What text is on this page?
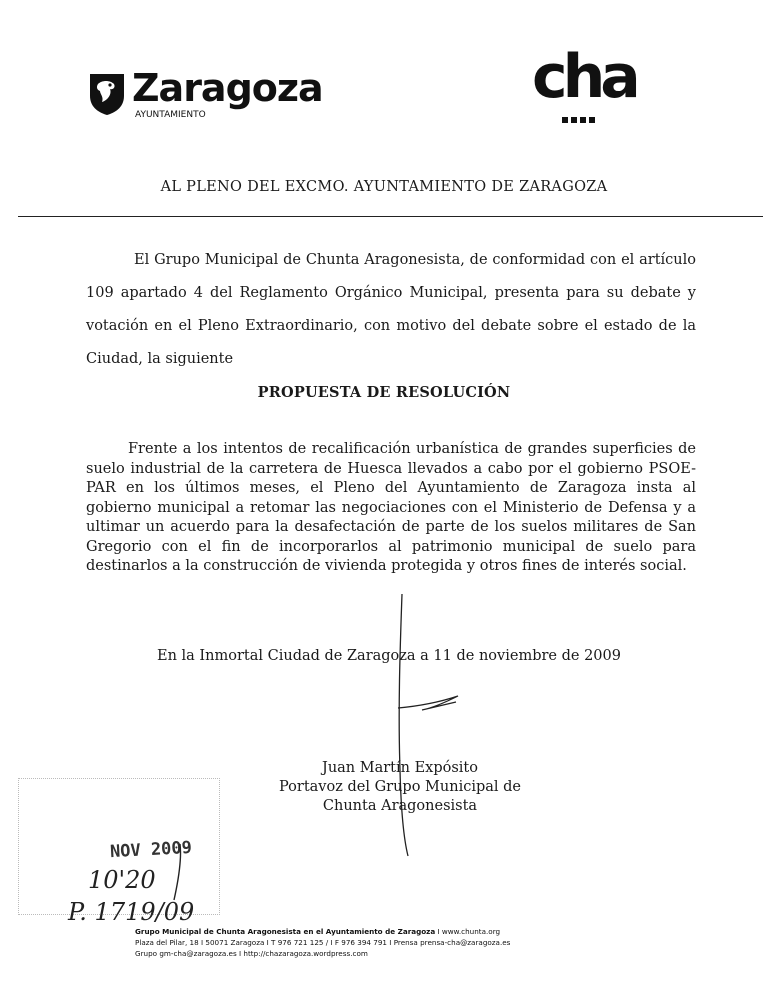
Zaragoza
AYUNTAMIENTO
cha
AL PLENO DEL EXCMO. AYUNTAMIENTO DE ZARAGOZA
El Grupo Municipal de Chunta Aragonesista, de conformidad con el artículo 109 apartado 4 del Reglamento Orgánico Municipal, presenta para su debate y votación en el Pleno Extraordinario, con motivo del debate sobre el estado de la Ciudad, la siguiente
PROPUESTA DE RESOLUCIÓN
Frente a los intentos de recalificación urbanística de grandes superficies de suelo industrial de la carretera de Huesca llevados a cabo por el gobierno PSOE-PAR en los últimos meses, el Pleno del Ayuntamiento de Zaragoza insta al gobierno municipal a retomar las negociaciones con el Ministerio de Defensa y a ultimar un acuerdo para la desafectación de parte de los suelos militares de San Gregorio con el fin de incorporarlos al patrimonio municipal de suelo para destinarlos a la construcción de vivienda protegida y otros fines de interés social.
En la Inmortal Ciudad de Zaragoza a 11 de noviembre de 2009
Juan Martín Expósito
Portavoz del Grupo Municipal de
Chunta Aragonesista
NOV 2009
10'20
P. 1719/09
Grupo Municipal de Chunta Aragonesista en el Ayuntamiento de Zaragoza I www.chunta.org
Plaza del Pilar, 18 I 50071 Zaragoza I T 976 721 125 / I F 976 394 791 I Prensa prensa-cha@zaragoza.es
Grupo gm-cha@zaragoza.es I http://chazaragoza.wordpress.com
